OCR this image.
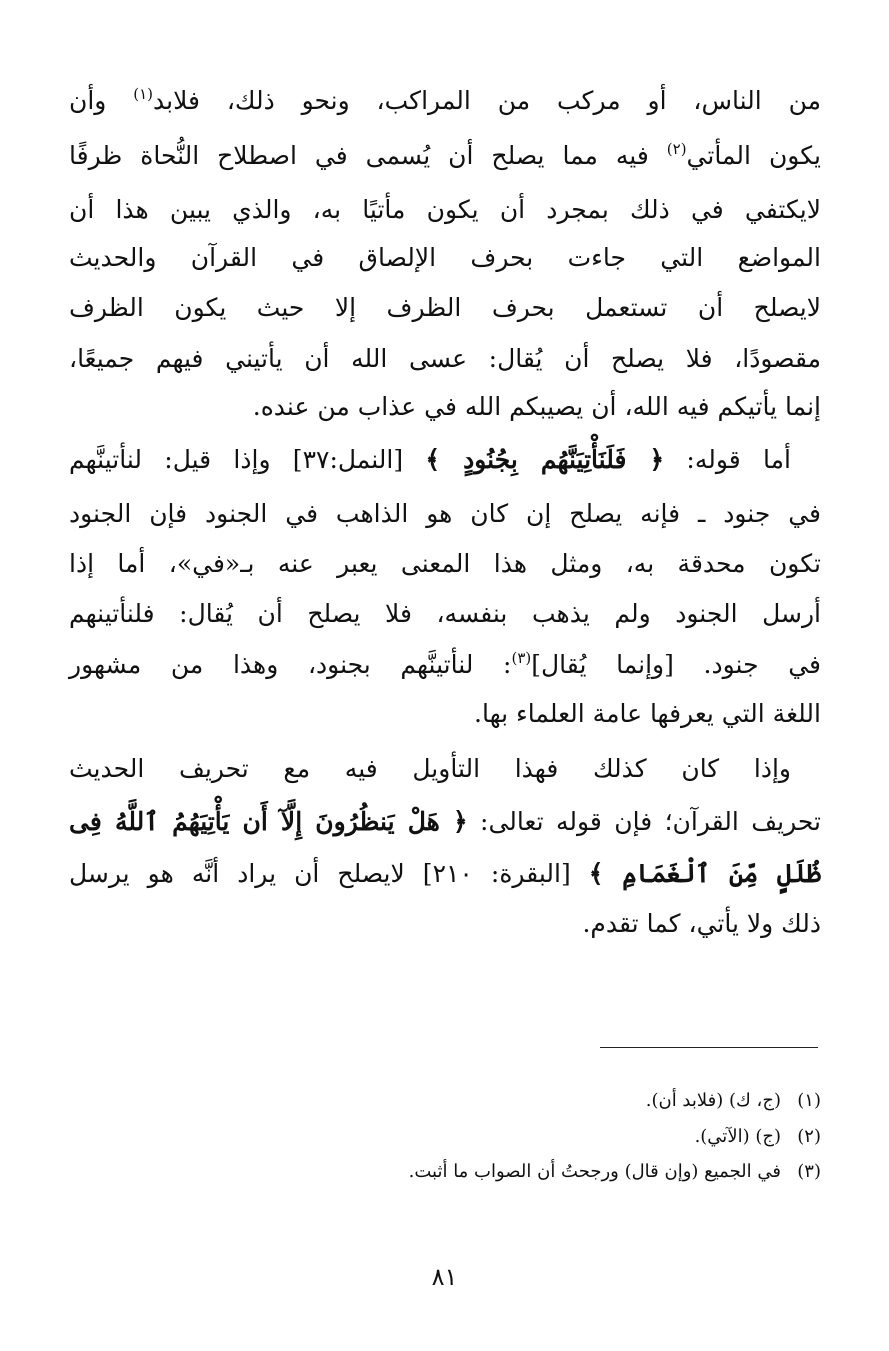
من الناس، أو مركب من المراكب، ونحو ذلك، فلابد$^{(١)}$ وأن
يكون المأتي$^{(٢)}$ فيه مما يصلح أن يُسمى في اصطلاح النُّحاة ظرفًا
لايكتفي في ذلك بمجرد أن يكون مأتيًا به، والذي يبين هذا أن
المواضع التي جاءت بحرف الإلصاق في القرآن والحديث
لايصلح أن تستعمل بحرف الظرف إلا حيث يكون الظرف
مقصودًا، فلا يصلح أن يُقال: عسى الله أن يأتيني فيهم جميعًا،
إنما يأتيكم فيه الله، أن يصيبكم الله في عذاب من عنده.
أما قوله: ﴿ فَلَنَأْتِيَنَّهُم بِجُنُودٍ ﴾ [النمل:٣٧] وإذا قيل: لنأتينَّهم
في جنود ـ فإنه يصلح إن كان هو الذاهب في الجنود فإن الجنود
تكون محدقة به، ومثل هذا المعنى يعبر عنه بـ«في»، أما إذا
أرسل الجنود ولم يذهب بنفسه، فلا يصلح أن يُقال: فلنأتينهم
في جنود. [وإنما يُقال]$^{(٣)}$: لنأتينَّهم بجنود، وهذا من مشهور
اللغة التي يعرفها عامة العلماء بها.
وإذا كان كذلك فهذا التأويل فيه مع تحريف الحديث
تحريف القرآن؛ فإن قوله تعالى: ﴿ هَلْ يَنظُرُونَ إِلَّآ أَن يَأْتِيَهُمُ ٱللَّهُ فِى
ظُلَلٍ مِّنَ ٱلْغَمَامِ ﴾ [البقرة: ٢١٠] لايصلح أن يراد أنَّه هو يرسل
ذلك ولا يأتي، كما تقدم.
(١)(ج، ك) (فلابد أن).
(٢)(ج) (الآتي).
(٣)في الجميع (وإن قال) ورجحتُ أن الصواب ما أثبت.
٨١
